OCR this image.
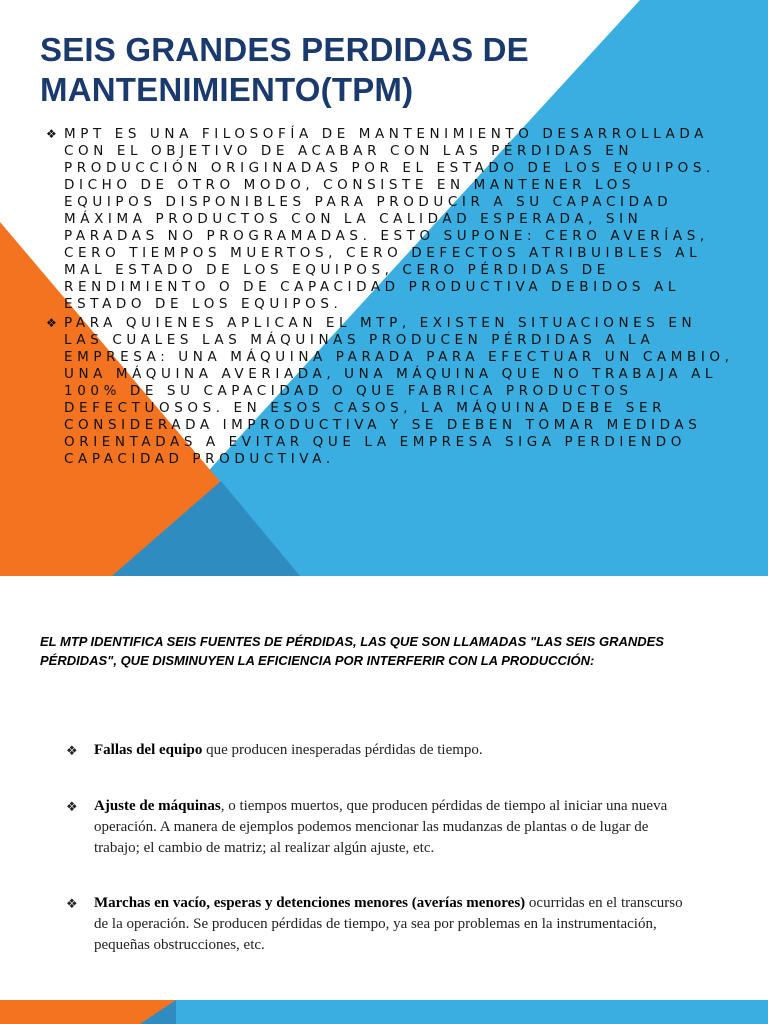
SEIS GRANDES PERDIDAS DE
MANTENIMIENTO(TPM)
❖ MPT ES UNA FILOSOFÍA DE MANTENIMIENTO DESARROLLADA CON EL OBJETIVO DE ACABAR CON LAS PÉRDIDAS EN PRODUCCIÓN ORIGINADAS POR EL ESTADO DE LOS EQUIPOS. DICHO DE OTRO MODO, CONSISTE EN MANTENER LOS EQUIPOS DISPONIBLES PARA PRODUCIR A SU CAPACIDAD MÁXIMA PRODUCTOS CON LA CALIDAD ESPERADA, SIN PARADAS NO PROGRAMADAS. ESTO SUPONE: CERO AVERÍAS, CERO TIEMPOS MUERTOS, CERO DEFECTOS ATRIBUIBLES AL MAL ESTADO DE LOS EQUIPOS, CERO PÉRDIDAS DE RENDIMIENTO O DE CAPACIDAD PRODUCTIVA DEBIDOS AL ESTADO DE LOS EQUIPOS.
❖ PARA QUIENES APLICAN EL MTP, EXISTEN SITUACIONES EN LAS CUALES LAS MÁQUINAS PRODUCEN PÉRDIDAS A LA EMPRESA: UNA MÁQUINA PARADA PARA EFECTUAR UN CAMBIO, UNA MÁQUINA AVERIADA, UNA MÁQUINA QUE NO TRABAJA AL 100% DE SU CAPACIDAD O QUE FABRICA PRODUCTOS DEFECTUOSOS. EN ESOS CASOS, LA MÁQUINA DEBE SER CONSIDERADA IMPRODUCTIVA Y SE DEBEN TOMAR MEDIDAS ORIENTADAS A EVITAR QUE LA EMPRESA SIGA PERDIENDO CAPACIDAD PRODUCTIVA.

EL MTP IDENTIFICA SEIS FUENTES DE PÉRDIDAS, LAS QUE SON LLAMADAS "LAS SEIS GRANDES PÉRDIDAS", QUE DISMINUYEN LA EFICIENCIA POR INTERFERIR CON LA PRODUCCIÓN:

❖ Fallas del equipo que producen inesperadas pérdidas de tiempo.
❖ Ajuste de máquinas, o tiempos muertos, que producen pérdidas de tiempo al iniciar una nueva operación. A manera de ejemplos podemos mencionar las mudanzas de plantas o de lugar de trabajo; el cambio de matriz; al realizar algún ajuste, etc.
❖ Marchas en vacío, esperas y detenciones menores (averías menores) ocurridas en el transcurso de la operación. Se producen pérdidas de tiempo, ya sea por problemas en la instrumentación, pequeñas obstrucciones, etc.
